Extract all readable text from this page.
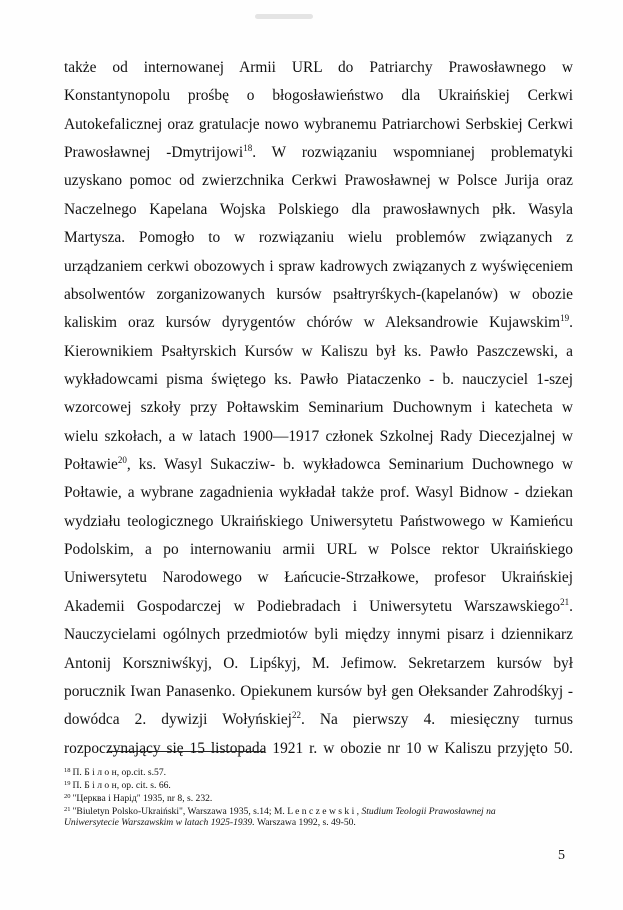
także od internowanej Armii URL do Patriarchy Prawosławnego w
Konstantynopolu prośbę o błogosławieństwo dla Ukraińskiej Cerkwi
Autokefalicznej oraz gratulacje nowo wybranemu Patriarchowi Serbskiej Cerkwi
Prawosławnej -Dmytrijowi$^{18}$. W rozwiązaniu wspomnianej problematyki
uzyskano pomoc od zwierzchnika Cerkwi Prawosławnej w Polsce Jurija oraz
Naczelnego Kapelana Wojska Polskiego dla prawosławnych płk. Wasyla
Martysza. Pomogło to w rozwiązaniu wielu problemów związanych z
urządzaniem cerkwi obozowych i spraw kadrowych związanych z wyświęceniem
absolwentów zorganizowanych kursów psałtryrśkych-(kapelanów) w obozie
kaliskim oraz kursów dyrygentów chórów w Aleksandrowie Kujawskim$^{19}$.
Kierownikiem Psałtyrskich Kursów w Kaliszu był ks. Pawło Paszczewski, a
wykładowcami pisma świętego ks. Pawło Piataczenko - b. nauczyciel 1-szej
wzorcowej szkoły przy Połtawskim Seminarium Duchownym i katecheta w
wielu szkołach, a w latach 1900—1917 członek Szkolnej Rady Diecezjalnej w
Połtawie$^{20}$, ks. Wasyl Sukaczіw- b. wykładowca Seminarium Duchownego w
Połtawie, a wybrane zagadnienia wykładał także prof. Wasyl Bidnow - dziekan
wydziału teologicznego Ukraińskiego Uniwersytetu Państwowego w Kamieńcu
Podolskim, a po internowaniu armii URL w Polsce rektor Ukraińskiego
Uniwersytetu Narodowego w Łańcucie-Strzałkowe, profesor Ukraińskiej
Akademii Gospodarczej w Podiebradach i Uniwersytetu Warszawskiego$^{21}$.
Nauczycielami ogólnych przedmiotów byli między innymi pisarz i dziennikarz
Antonij Korszniwśkyj, O. Lipśkyj, M. Jefimow. Sekretarzem kursów był
porucznik Iwan Panasenko. Opiekunem kursów był gen Ołeksander Zahrodśkyj -
dowódca 2. dywizji Wołyńskiej$^{22}$. Na pierwszy 4. miesięczny turnus
rozpoczynający się 15 listopada 1921 r. w obozie nr 10 w Kaliszu przyjęto 50.
$^{18}$ П. Б і л о н, op.cit. s.57.
$^{19}$ П. Б і л о н, op. cit. s. 66.
$^{20}$ "Церква і Нарід" 1935, nr 8, s. 232.
$^{21}$ "Biuletyn Polsko-Ukraiński", Warszawa 1935, s.14; M. L e n c z e w s k i , Studium Teologii Prawosławnej na
Uniwersytecie Warszawskim w latach 1925-1939. Warszawa 1992, s. 49-50.
5
